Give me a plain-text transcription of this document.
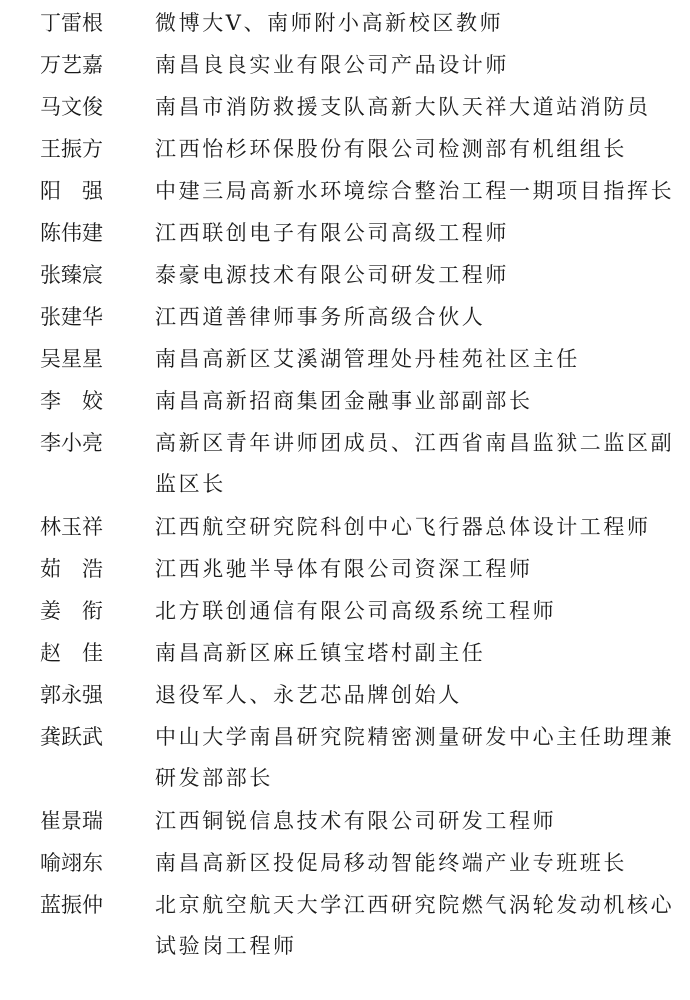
丁雷根	微博大V、南师附小高新校区教师
万艺嘉	南昌良良实业有限公司产品设计师
马文俊	南昌市消防救援支队高新大队天祥大道站消防员
王振方	江西怡杉环保股份有限公司检测部有机组组长
阳　强	中建三局高新水环境综合整治工程一期项目指挥长
陈伟建	江西联创电子有限公司高级工程师
张臻宸	泰豪电源技术有限公司研发工程师
张建华	江西道善律师事务所高级合伙人
吴星星	南昌高新区艾溪湖管理处丹桂苑社区主任
李　姣	南昌高新招商集团金融事业部副部长
李小亮	高新区青年讲师团成员、江西省南昌监狱二监区副监区长
林玉祥	江西航空研究院科创中心飞行器总体设计工程师
茹　浩	江西兆驰半导体有限公司资深工程师
姜　衔	北方联创通信有限公司高级系统工程师
赵　佳	南昌高新区麻丘镇宝塔村副主任
郭永强	退役军人、永艺芯品牌创始人
龚跃武	中山大学南昌研究院精密测量研发中心主任助理兼研发部部长
崔景瑞	江西铜锐信息技术有限公司研发工程师
喻翊东	南昌高新区投促局移动智能终端产业专班班长
蓝振仲	北京航空航天大学江西研究院燃气涡轮发动机核心试验岗工程师
